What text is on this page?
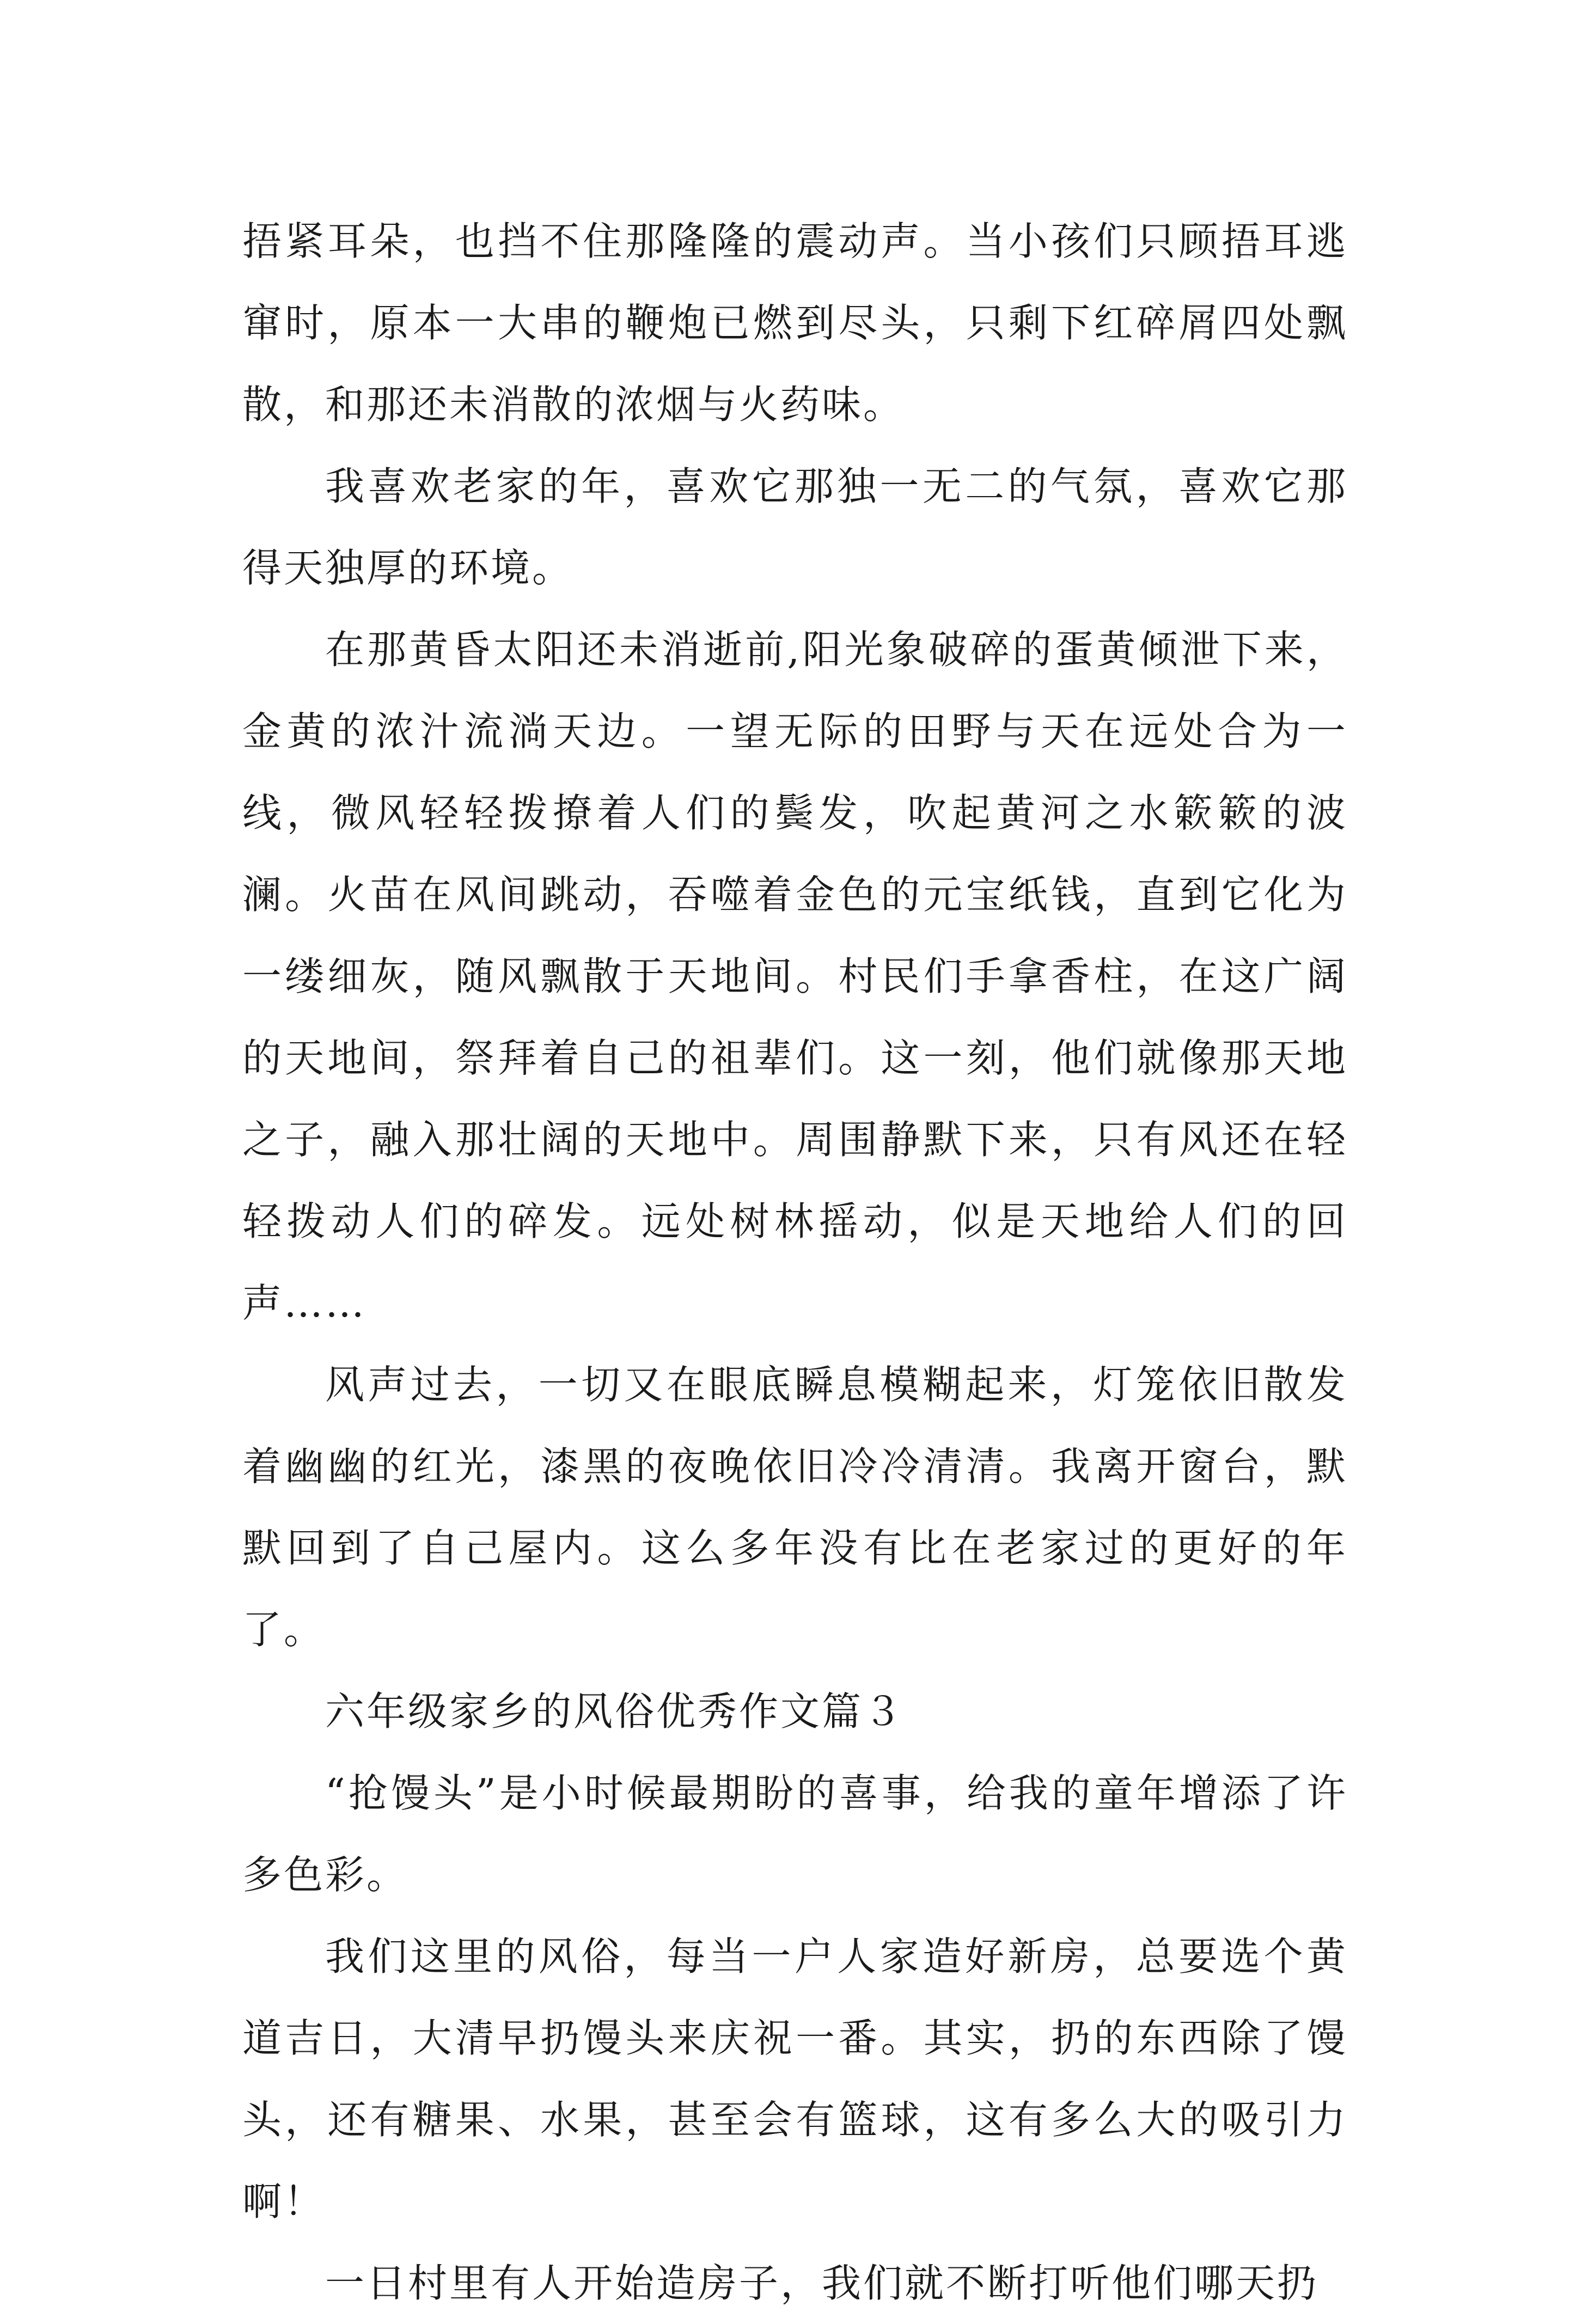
捂紧耳朵，也挡不住那隆隆的震动声。当小孩们只顾捂耳逃窜时，原本一大串的鞭炮已燃到尽头，只剩下红碎屑四处飘散，和那还未消散的浓烟与火药味。

我喜欢老家的年，喜欢它那独一无二的气氛，喜欢它那得天独厚的环境。

在那黄昏太阳还未消逝前,阳光象破碎的蛋黄倾泄下来，金黄的浓汁流淌天边。一望无际的田野与天在远处合为一线，微风轻轻拨撩着人们的鬓发，吹起黄河之水簌簌的波澜。火苗在风间跳动，吞噬着金色的元宝纸钱，直到它化为一缕细灰，随风飘散于天地间。村民们手拿香柱，在这广阔的天地间，祭拜着自己的祖辈们。这一刻，他们就像那天地之子，融入那壮阔的天地中。周围静默下来，只有风还在轻轻拨动人们的碎发。远处树林摇动，似是天地给人们的回声……

风声过去，一切又在眼底瞬息模糊起来，灯笼依旧散发着幽幽的红光，漆黑的夜晚依旧冷冷清清。我离开窗台，默默回到了自己屋内。这么多年没有比在老家过的更好的年了。

六年级家乡的风俗优秀作文篇３

“抢馒头”是小时候最期盼的喜事，给我的童年增添了许多色彩。

我们这里的风俗，每当一户人家造好新房，总要选个黄道吉日，大清早扔馒头来庆祝一番。其实，扔的东西除了馒头，还有糖果、水果，甚至会有篮球，这有多么大的吸引力啊！

一日村里有人开始造房子，我们就不断打听他们哪天扔
